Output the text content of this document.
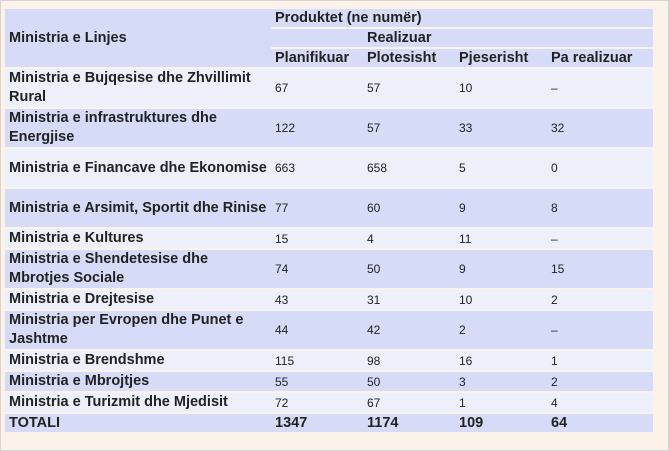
Ministria e Linjes	Produktet (ne numër)			
		Realizuar		
	Planifikuar	Plotesisht	Pjeserisht	Pa realizuar
Ministria e Bujqesise dhe Zhvillimit Rural	67	57	10	–
Ministria e infrastruktures dhe Energjise	122	57	33	32
Ministria e Financave dhe Ekonomise	663	658	5	0
Ministria e Arsimit, Sportit dhe Rinise	77	60	9	8
Ministria e Kultures	15	4	11	–
Ministria e Shendetesise dhe Mbrotjes Sociale	74	50	9	15
Ministria e Drejtesise	43	31	10	2
Ministria per Evropen dhe Punet e Jashtme	44	42	2	–
Ministria e Brendshme	115	98	16	1
Ministria e Mbrojtjes	55	50	3	2
Ministria e Turizmit dhe Mjedisit	72	67	1	4
TOTALI	1347	1174	109	64
